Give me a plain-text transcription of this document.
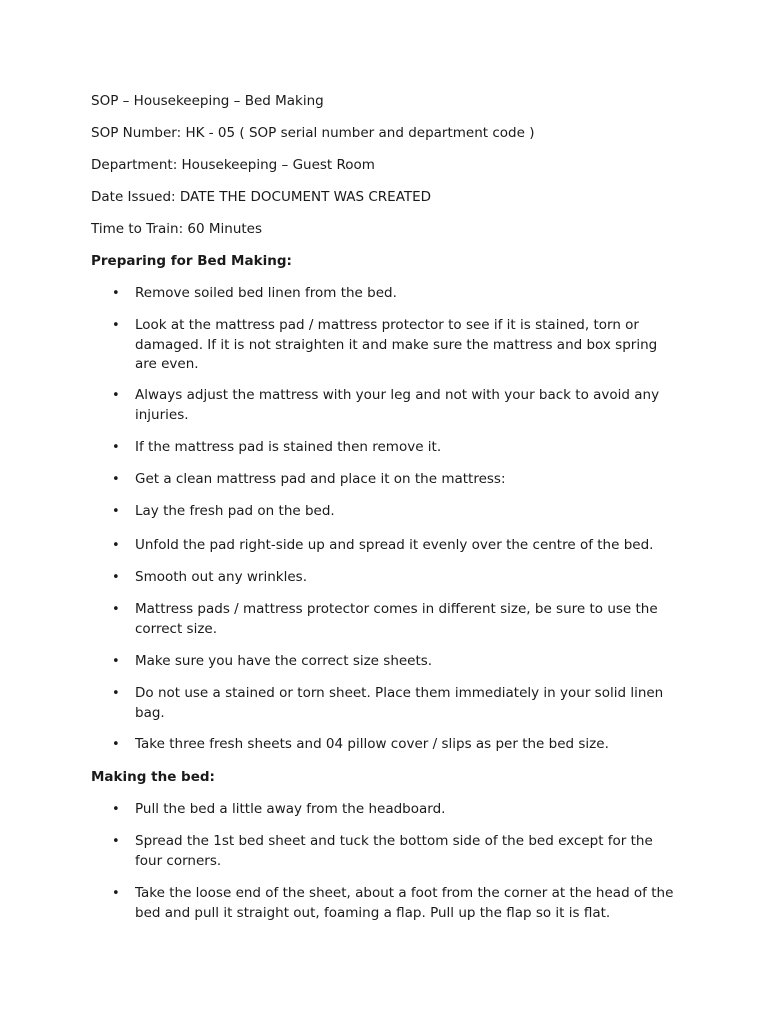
SOP – Housekeeping – Bed Making
SOP Number: HK - 05 ( SOP serial number and department code )
Department: Housekeeping – Guest Room
Date Issued: DATE THE DOCUMENT WAS CREATED
Time to Train: 60 Minutes
Preparing for Bed Making:
•	Remove soiled bed linen from the bed.
•	Look at the mattress pad / mattress protector to see if it is stained, torn or damaged. If it is not straighten it and make sure the mattress and box spring are even.
•	Always adjust the mattress with your leg and not with your back to avoid any injuries.
•	If the mattress pad is stained then remove it.
•	Get a clean mattress pad and place it on the mattress:
•	Lay the fresh pad on the bed.
•	Unfold the pad right-side up and spread it evenly over the centre of the bed.
•	Smooth out any wrinkles.
•	Mattress pads / mattress protector comes in different size, be sure to use the correct size.
•	Make sure you have the correct size sheets.
•	Do not use a stained or torn sheet. Place them immediately in your solid linen bag.
•	Take three fresh sheets and 04 pillow cover / slips as per the bed size.
Making the bed:
•	Pull the bed a little away from the headboard.
•	Spread the 1st bed sheet and tuck the bottom side of the bed except for the four corners.
•	Take the loose end of the sheet, about a foot from the corner at the head of the bed and pull it straight out, foaming a flap. Pull up the flap so it is flat.
